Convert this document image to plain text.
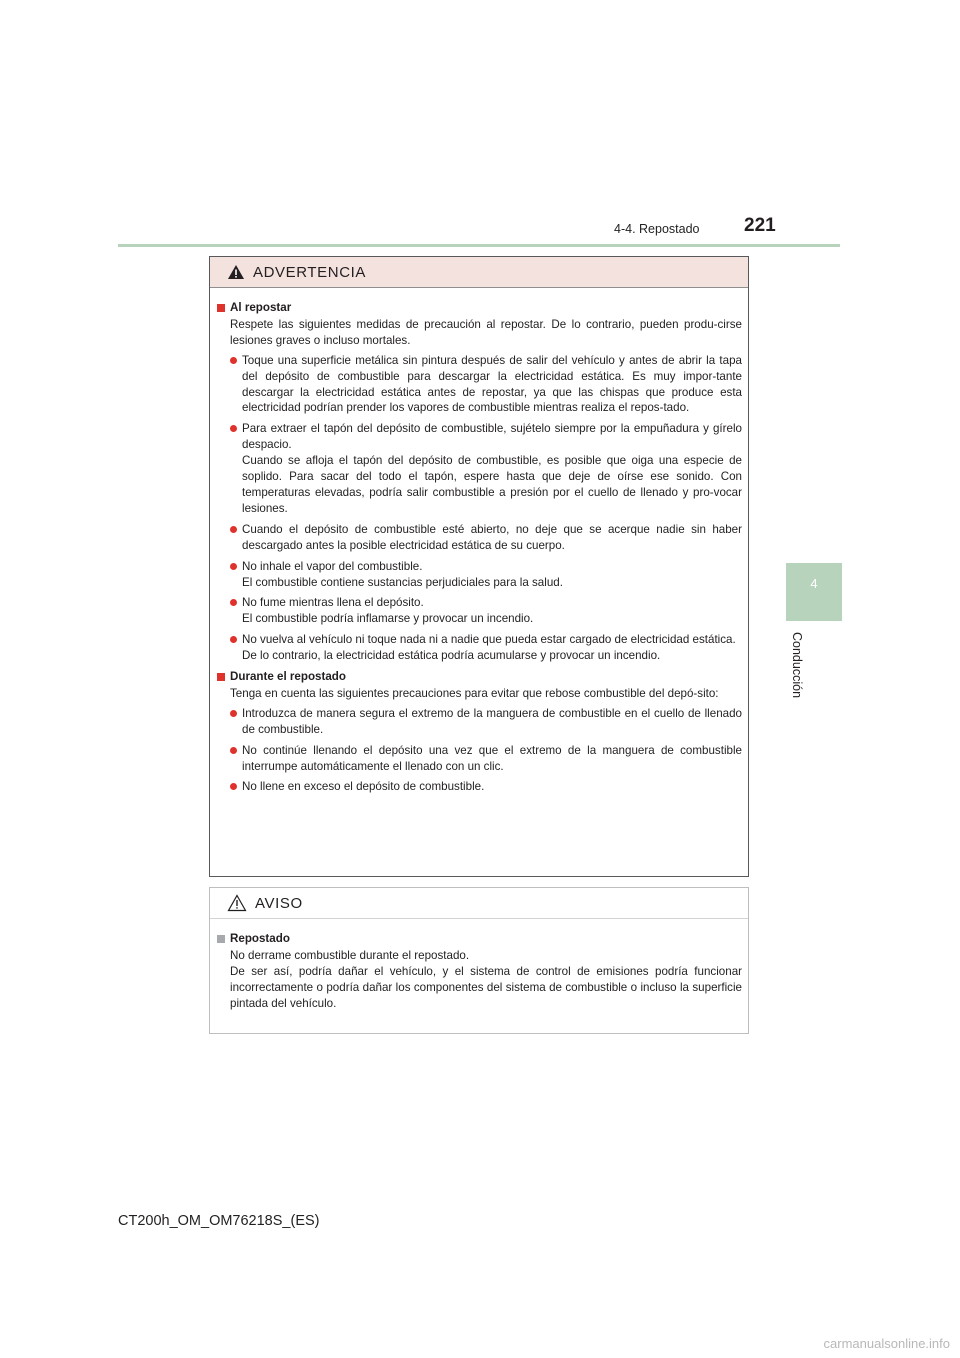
4-4. Repostado 221
4
Conducción
ADVERTENCIA
Al repostar
Respete las siguientes medidas de precaución al repostar. De lo contrario, pueden produ-cirse lesiones graves o incluso mortales.
Toque una superficie metálica sin pintura después de salir del vehículo y antes de abrir la tapa del depósito de combustible para descargar la electricidad estática. Es muy impor-tante descargar la electricidad estática antes de repostar, ya que las chispas que produce esta electricidad podrían prender los vapores de combustible mientras realiza el repos-tado.
Para extraer el tapón del depósito de combustible, sujételo siempre por la empuñadura y gírelo despacio.
Cuando se afloja el tapón del depósito de combustible, es posible que oiga una especie de soplido. Para sacar del todo el tapón, espere hasta que deje de oírse ese sonido. Con temperaturas elevadas, podría salir combustible a presión por el cuello de llenado y pro-vocar lesiones.
Cuando el depósito de combustible esté abierto, no deje que se acerque nadie sin haber descargado antes la posible electricidad estática de su cuerpo.
No inhale el vapor del combustible.
El combustible contiene sustancias perjudiciales para la salud.
No fume mientras llena el depósito.
El combustible podría inflamarse y provocar un incendio.
No vuelva al vehículo ni toque nada ni a nadie que pueda estar cargado de electricidad estática.
De lo contrario, la electricidad estática podría acumularse y provocar un incendio.
Durante el repostado
Tenga en cuenta las siguientes precauciones para evitar que rebose combustible del depó-sito:
Introduzca de manera segura el extremo de la manguera de combustible en el cuello de llenado de combustible.
No continúe llenando el depósito una vez que el extremo de la manguera de combustible interrumpe automáticamente el llenado con un clic.
No llene en exceso el depósito de combustible.
AVISO
Repostado
No derrame combustible durante el repostado.
De ser así, podría dañar el vehículo, y el sistema de control de emisiones podría funcionar incorrectamente o podría dañar los componentes del sistema de combustible o incluso la superficie pintada del vehículo.
CT200h_OM_OM76218S_(ES)
carmanualsonline.info
